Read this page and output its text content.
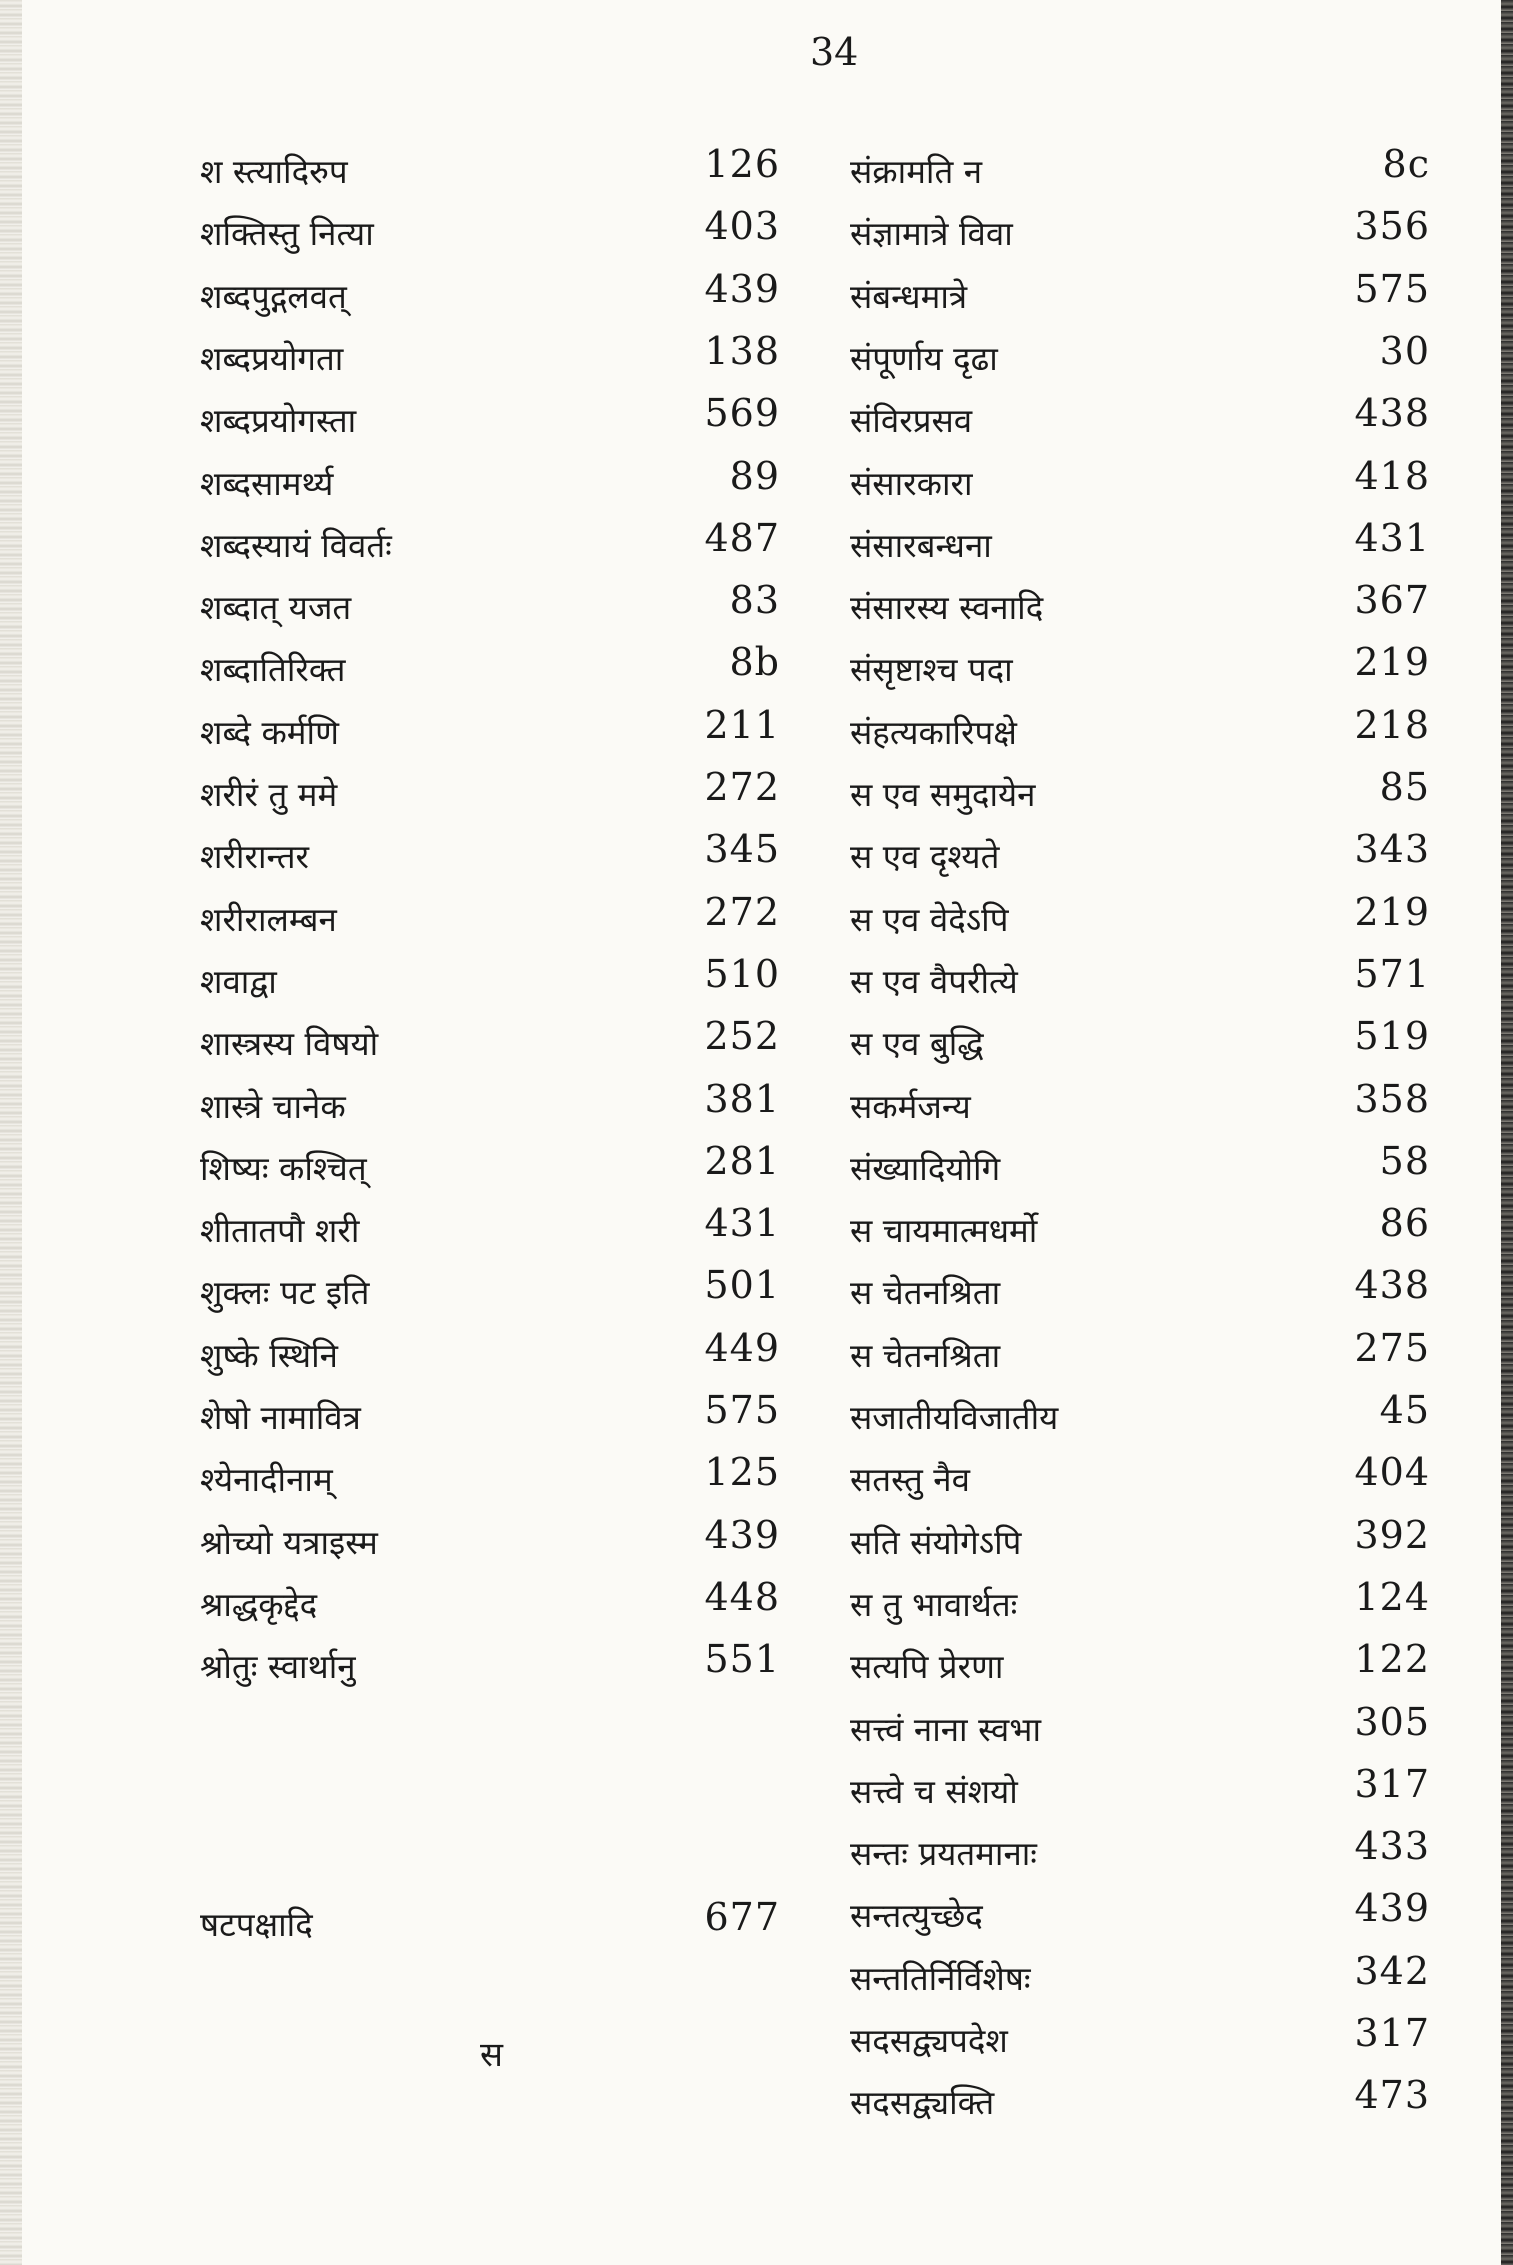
34
श स्त्यादिरुप	126
शक्तिस्तु नित्या	403
शब्दपुद्गलवत्	439
शब्दप्रयोगता	138
शब्दप्रयोगस्ता	569
शब्दसामर्थ्य	89
शब्दस्यायं विवर्तः	487
शब्दात् यजत	83
शब्दातिरिक्त	8b
शब्दे कर्मणि	211
शरीरं तु ममे	272
शरीरान्तर	345
शरीरालम्बन	272
शवाद्वा	510
शास्त्रस्य विषयो	252
शास्त्रे चानेक	381
शिष्यः कश्चित्	281
शीतातपौ शरी	431
शुक्लः पट इति	501
शुष्के स्थिनि	449
शेषो नामावित्र	575
श्येनादीनाम्	125
श्रोच्यो यत्राइस्म	439
श्राद्धकृद्देद	448
श्रोतुः स्वार्थानु	551
षटपक्षादि	677
संक्रामति न	8c
संज्ञामात्रे विवा	356
संबन्धमात्रे	575
संपूर्णाय दृढा	30
संविरप्रसव	438
संसारकारा	418
संसारबन्धना	431
संसारस्य स्वनादि	367
संसृष्टाश्च पदा	219
संहत्यकारिपक्षे	218
स एव समुदायेन	85
स एव दृश्यते	343
स एव वेदेऽपि	219
स एव वैपरीत्ये	571
स एव बुद्धि	519
सकर्मजन्य	358
संख्यादियोगि	58
स चायमात्मधर्मो	86
स चेतनश्रिता	438
स चेतनश्रिता	275
सजातीयविजातीय	45
सतस्तु नैव	404
सति संयोगेऽपि	392
स तु भावार्थतः	124
सत्यपि प्रेरणा	122
सत्त्वं नाना स्वभा	305
सत्त्वे च संशयो	317
सन्तः प्रयतमानाः	433
सन्तत्युच्छेद	439
सन्ततिर्निर्विशेषः	342
सदसद्व्यपदेश	317
सदसद्व्यक्ति	473
स
